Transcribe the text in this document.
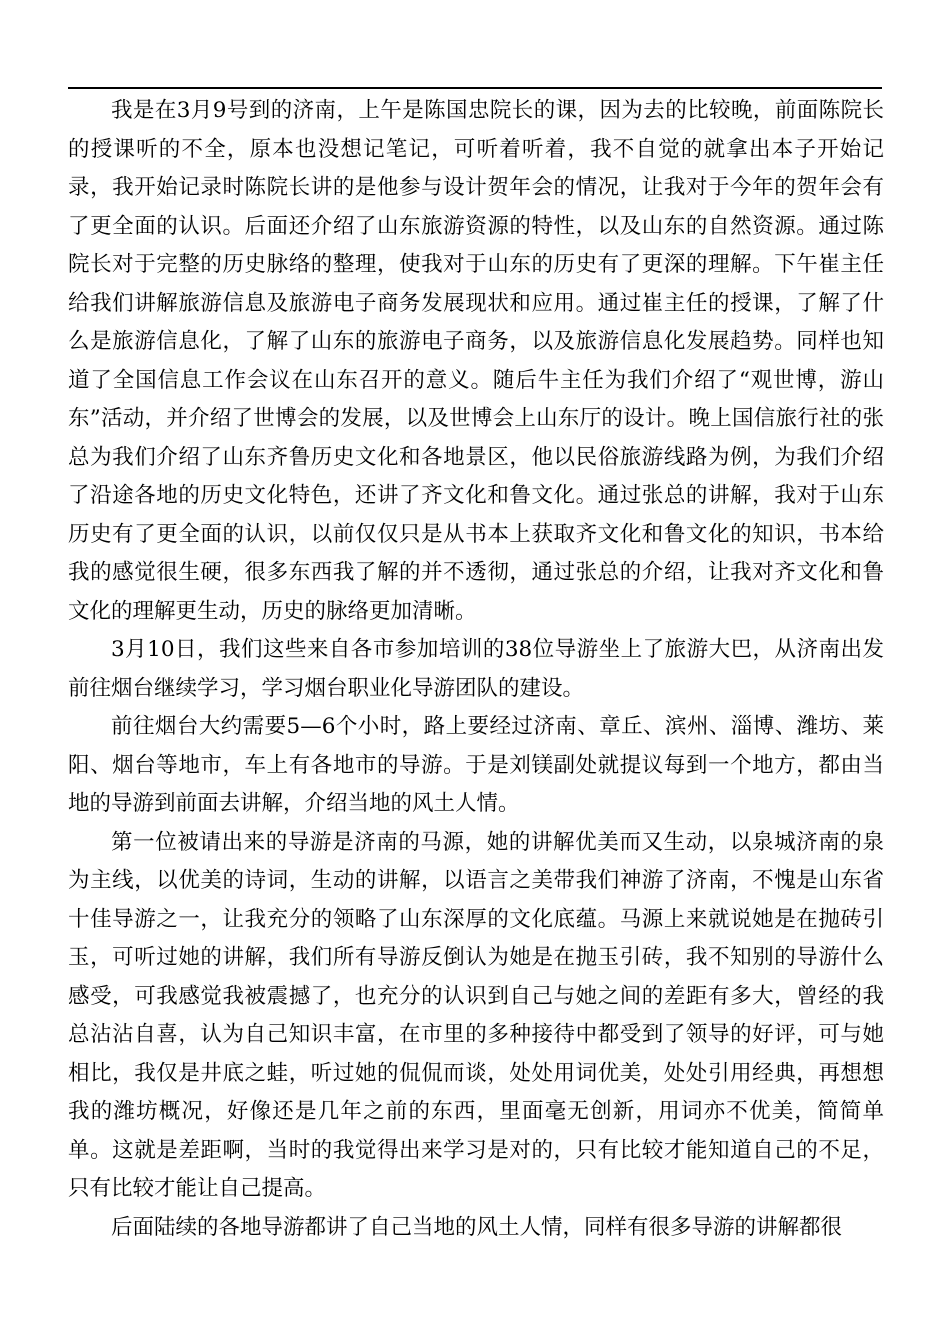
我是在3月9号到的济南，上午是陈国忠院长的课，因为去的比较晚，前面陈院长的授课听的不全，原本也没想记笔记，可听着听着，我不自觉的就拿出本子开始记录，我开始记录时陈院长讲的是他参与设计贺年会的情况，让我对于今年的贺年会有了更全面的认识。后面还介绍了山东旅游资源的特性，以及山东的自然资源。通过陈院长对于完整的历史脉络的整理，使我对于山东的历史有了更深的理解。下午崔主任给我们讲解旅游信息及旅游电子商务发展现状和应用。通过崔主任的授课，了解了什么是旅游信息化，了解了山东的旅游电子商务，以及旅游信息化发展趋势。同样也知道了全国信息工作会议在山东召开的意义。随后牛主任为我们介绍了“观世博，游山东”活动，并介绍了世博会的发展，以及世博会上山东厅的设计。晚上国信旅行社的张总为我们介绍了山东齐鲁历史文化和各地景区，他以民俗旅游线路为例，为我们介绍了沿途各地的历史文化特色，还讲了齐文化和鲁文化。通过张总的讲解，我对于山东历史有了更全面的认识，以前仅仅只是从书本上获取齐文化和鲁文化的知识，书本给我的感觉很生硬，很多东西我了解的并不透彻，通过张总的介绍，让我对齐文化和鲁文化的理解更生动，历史的脉络更加清晰。

3月10日，我们这些来自各市参加培训的38位导游坐上了旅游大巴，从济南出发前往烟台继续学习，学习烟台职业化导游团队的建设。

前往烟台大约需要5—6个小时，路上要经过济南、章丘、滨州、淄博、潍坊、莱阳、烟台等地市，车上有各地市的导游。于是刘镁副处就提议每到一个地方，都由当地的导游到前面去讲解，介绍当地的风土人情。

第一位被请出来的导游是济南的马源，她的讲解优美而又生动，以泉城济南的泉为主线，以优美的诗词，生动的讲解，以语言之美带我们神游了济南，不愧是山东省十佳导游之一，让我充分的领略了山东深厚的文化底蕴。马源上来就说她是在抛砖引玉，可听过她的讲解，我们所有导游反倒认为她是在抛玉引砖，我不知别的导游什么感受，可我感觉我被震撼了，也充分的认识到自己与她之间的差距有多大，曾经的我总沾沾自喜，认为自己知识丰富，在市里的多种接待中都受到了领导的好评，可与她相比，我仅是井底之蛙，听过她的侃侃而谈，处处用词优美，处处引用经典，再想想我的潍坊概况，好像还是几年之前的东西，里面毫无创新，用词亦不优美，简简单单。这就是差距啊，当时的我觉得出来学习是对的，只有比较才能知道自己的不足，只有比较才能让自己提高。

后面陆续的各地导游都讲了自己当地的风土人情，同样有很多导游的讲解都很
